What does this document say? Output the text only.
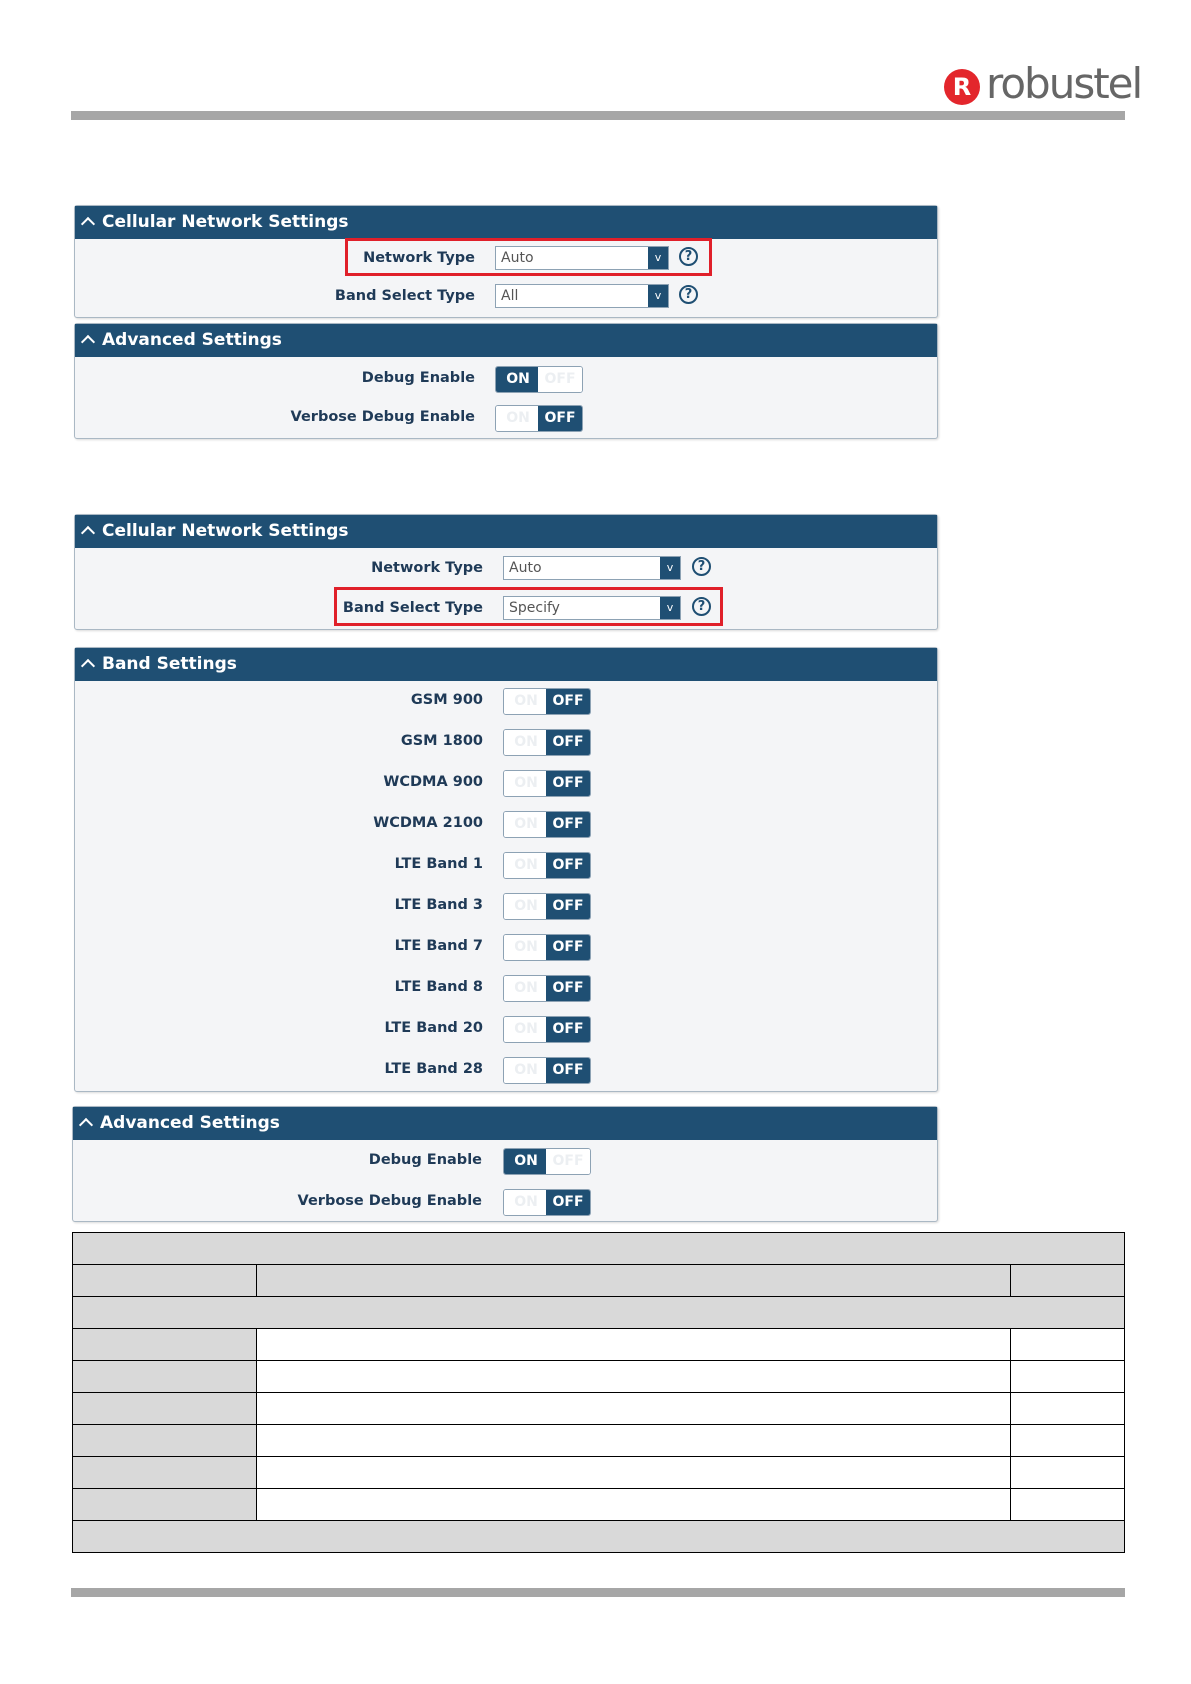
R robustel
Cellular Network Settings
Network Type	Auto	v	?
Band Select Type	All	v	?
Advanced Settings
Debug Enable	ON	OFF
Verbose Debug Enable	ON	OFF
Cellular Network Settings
Network Type	Auto	v	?
Band Select Type	Specify	v	?
Band Settings
GSM 900	ON	OFF
GSM 1800	ON	OFF
WCDMA 900	ON	OFF
WCDMA 2100	ON	OFF
LTE Band 1	ON	OFF
LTE Band 3	ON	OFF
LTE Band 7	ON	OFF
LTE Band 8	ON	OFF
LTE Band 20	ON	OFF
LTE Band 28	ON	OFF
Advanced Settings
Debug Enable	ON	OFF
Verbose Debug Enable	ON	OFF
